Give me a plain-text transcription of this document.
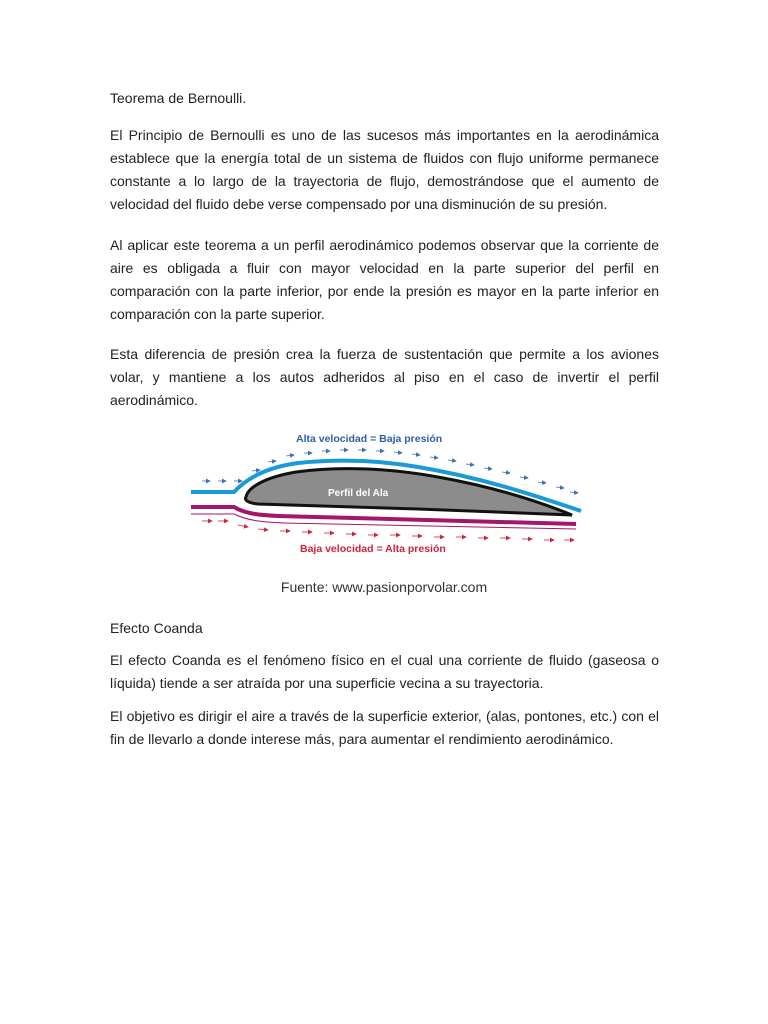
Teorema de Bernoulli.

El Principio de Bernoulli es uno de las sucesos más importantes en la aerodinámica establece que la energía total de un sistema de fluidos con flujo uniforme permanece constante a lo largo de la trayectoria de flujo, demostrándose que el aumento de velocidad del fluido debe verse compensado por una disminución de su presión.

Al aplicar este teorema a un perfil aerodinámico podemos observar que la corriente de aire es obligada a fluir con mayor velocidad en la parte superior del perfil en comparación con la parte inferior, por ende la presión es mayor en la parte inferior en comparación con la parte superior.

Esta diferencia de presión crea la fuerza de sustentación que permite a los aviones volar, y mantiene a los autos adheridos al piso en el caso de invertir el perfil aerodinámico.

Alta velocidad = Baja presión
Perfil del Ala
Baja velocidad = Alta presión
Fuente: www.pasionporvolar.com

Efecto Coanda

El efecto Coanda es el fenómeno físico en el cual una corriente de fluido (gaseosa o líquida) tiende a ser atraída por una superficie vecina a su trayectoria.

El objetivo es dirigir el aire a través de la superficie exterior, (alas, pontones, etc.) con el fin de llevarlo a donde interese más, para aumentar el rendimiento aerodinámico.
